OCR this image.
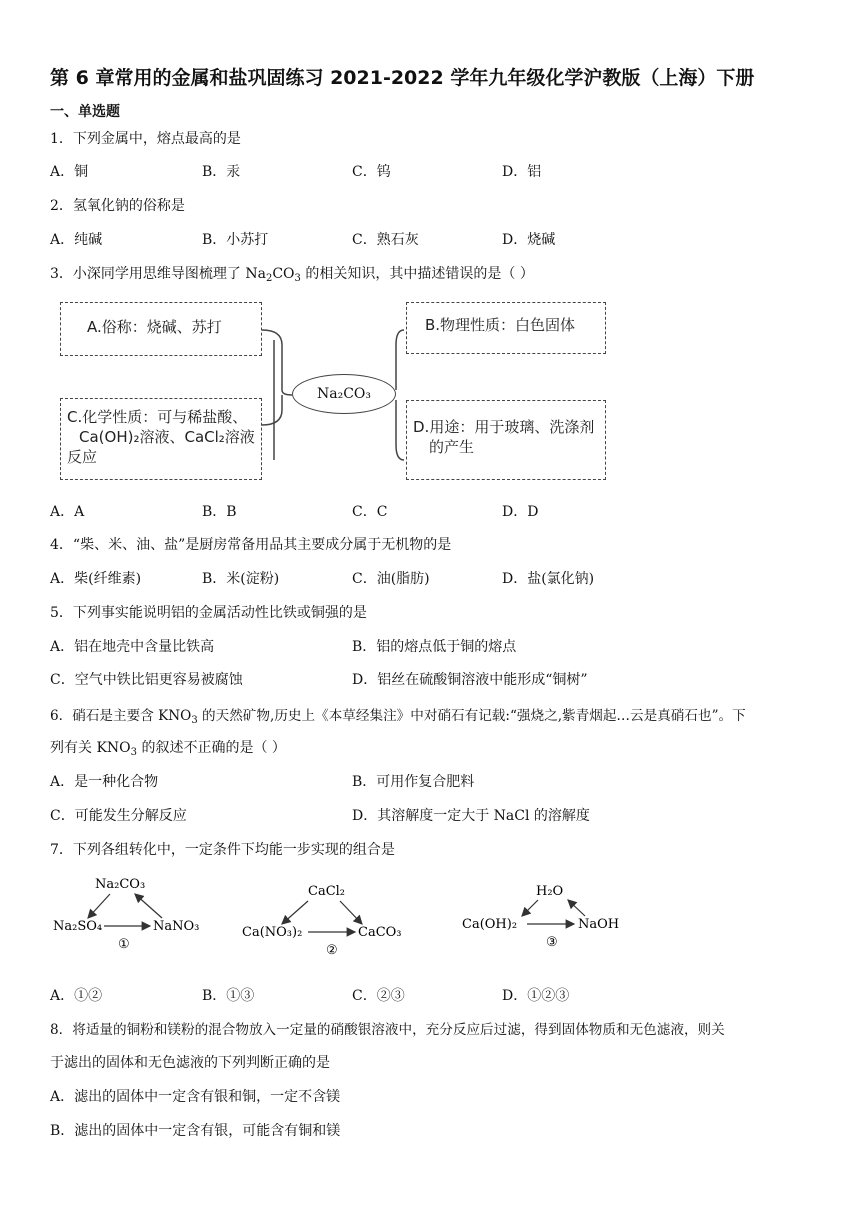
第 6 章常用的金属和盐巩固练习 2021-2022 学年九年级化学沪教版（上海）下册
一、单选题
1．下列金属中，熔点最高的是
A．铜	B．汞	C．钨	D．铝
2．氢氧化钠的俗称是
A．纯碱	B．小苏打	C．熟石灰	D．烧碱
3．小深同学用思维导图梳理了 $Na_2CO_3$ 的相关知识，其中描述错误的是（ ）
A.俗称：烧碱、苏打	B.物理性质：白色固体
Na₂CO₃
C.化学性质：可与稀盐酸、
Ca(OH)₂溶液、CaCl₂溶液
反应
D.用途：用于玻璃、洗涤剂
的产生
A．A	B．B	C．C	D．D
4．“柴、米、油、盐”是厨房常备用品其主要成分属于无机物的是
A．柴(纤维素)	B．米(淀粉)	C．油(脂肪)	D．盐(氯化钠)
5．下列事实能说明铝的金属活动性比铁或铜强的是
A．铝在地壳中含量比铁高	B．铝的熔点低于铜的熔点
C．空气中铁比铝更容易被腐蚀	D．铝丝在硫酸铜溶液中能形成“铜树”
6．硝石是主要含 $KNO_3$ 的天然矿物,历史上《本草经集注》中对硝石有记载:“强烧之,紫青烟起…云是真硝石也”。下
列有关 $KNO_3$ 的叙述不正确的是（ ）
A．是一种化合物	B．可用作复合肥料
C．可能发生分解反应	D．其溶解度一定大于 NaCl 的溶解度
7．下列各组转化中，一定条件下均能一步实现的组合是
Na₂CO₃
Na₂SO₄	NaNO₃
①
CaCl₂
Ca(NO₃)₂	CaCO₃
②
H₂O
Ca(OH)₂	NaOH
③
A．①②	B．①③	C．②③	D．①②③
8．将适量的铜粉和镁粉的混合物放入一定量的硝酸银溶液中，充分反应后过滤，得到固体物质和无色滤液，则关
于滤出的固体和无色滤液的下列判断正确的是
A．滤出的固体中一定含有银和铜，一定不含镁
B．滤出的固体中一定含有银，可能含有铜和镁
